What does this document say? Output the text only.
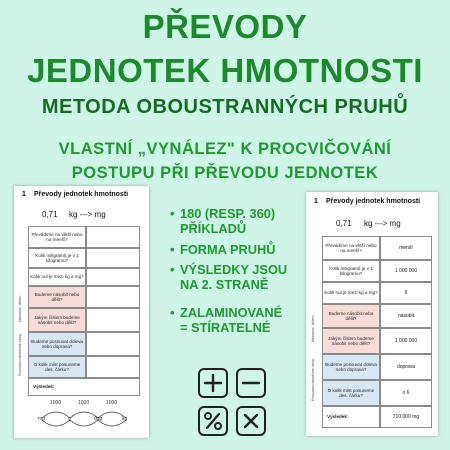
PŘEVODY
JEDNOTEK HMOTNOSTI
METODA OBOUSTRANNÝCH PRUHŮ
VLASTNÍ „VYNÁLEZ" K PROCVIČOVÁNÍ
POSTUPU PŘI PŘEVODU JEDNOTEK
1 Převody jednotek hmotnosti
0,71 kg ---> mg
Převádíme na větší nebo na menší?
Kolik miligramů je v 1 kilogramu?
Kolik nul je mezi kg a mg?
Budeme násobit nebo dělit?
Jakým číslem budeme násobit nebo dělit?
Budeme posouvat doleva nebo doprava?
O kolik míst posuneme des. čárku?
Výsledek:
Násobení, dělení
Posouvání desetinné čárky
1000	1000	1000
mg	g	dag	kg
• 180 (RESP. 360)
PŘÍKLADŮ
• FORMA PRUHŮ
• VÝSLEDKY JSOU
NA 2. STRANĚ
• ZALAMINOVANÉ
= STÍRATELNÉ
1 Převody jednotek hmotnosti
0,71 kg ---> mg
Převádíme na větší nebo na menší?	menší
Kolik miligramů je v 1 kilogramu?	1 000 000
Kolik nul je mezi kg a mg?	6
Budeme násobit nebo dělit?	násobit
Jakým číslem budeme násobit nebo dělit?	1 000 000
Budeme posouvat doleva nebo doprava?	doprava
O kolik míst posuneme des. čárku?	o 6
Výsledek:	710 000 mg
Násobení, dělení
Posouvání desetinné čárky
